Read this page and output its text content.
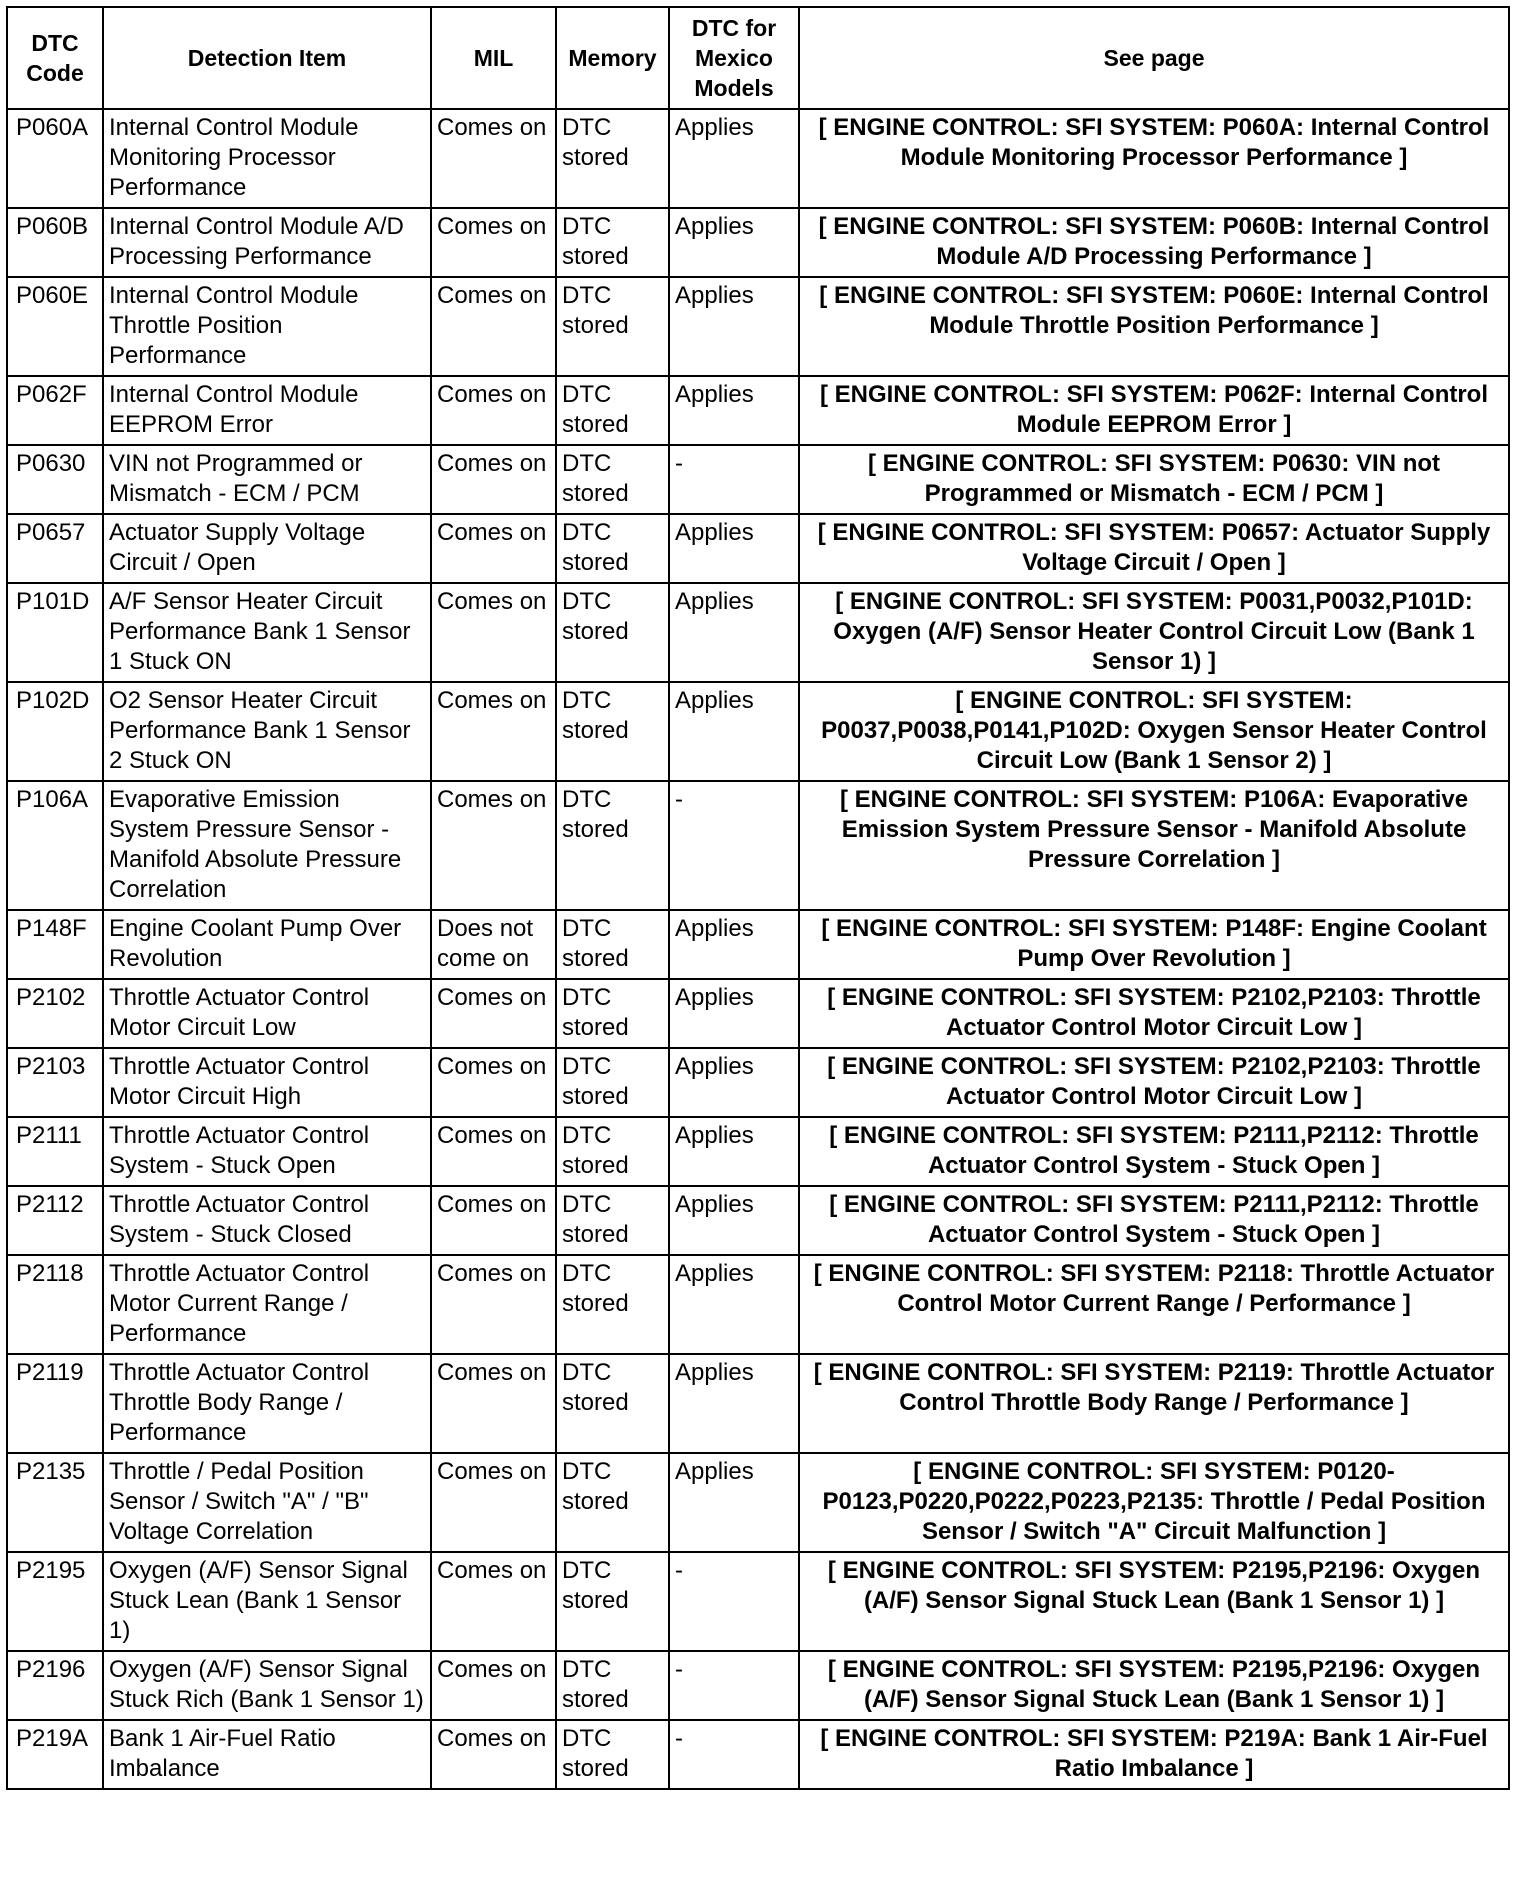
DTC Code	Detection Item	MIL	Memory	DTC for Mexico Models	See page
P060A	Internal Control Module Monitoring Processor Performance	Comes on	DTC stored	Applies	[ ENGINE CONTROL: SFI SYSTEM: P060A: Internal Control Module Monitoring Processor Performance ]
P060B	Internal Control Module A/D Processing Performance	Comes on	DTC stored	Applies	[ ENGINE CONTROL: SFI SYSTEM: P060B: Internal Control Module A/D Processing Performance ]
P060E	Internal Control Module Throttle Position Performance	Comes on	DTC stored	Applies	[ ENGINE CONTROL: SFI SYSTEM: P060E: Internal Control Module Throttle Position Performance ]
P062F	Internal Control Module EEPROM Error	Comes on	DTC stored	Applies	[ ENGINE CONTROL: SFI SYSTEM: P062F: Internal Control Module EEPROM Error ]
P0630	VIN not Programmed or Mismatch - ECM / PCM	Comes on	DTC stored	-	[ ENGINE CONTROL: SFI SYSTEM: P0630: VIN not Programmed or Mismatch - ECM / PCM ]
P0657	Actuator Supply Voltage Circuit / Open	Comes on	DTC stored	Applies	[ ENGINE CONTROL: SFI SYSTEM: P0657: Actuator Supply Voltage Circuit / Open ]
P101D	A/F Sensor Heater Circuit Performance Bank 1 Sensor 1 Stuck ON	Comes on	DTC stored	Applies	[ ENGINE CONTROL: SFI SYSTEM: P0031,P0032,P101D: Oxygen (A/F) Sensor Heater Control Circuit Low (Bank 1 Sensor 1) ]
P102D	O2 Sensor Heater Circuit Performance Bank 1 Sensor 2 Stuck ON	Comes on	DTC stored	Applies	[ ENGINE CONTROL: SFI SYSTEM: P0037,P0038,P0141,P102D: Oxygen Sensor Heater Control Circuit Low (Bank 1 Sensor 2) ]
P106A	Evaporative Emission System Pressure Sensor - Manifold Absolute Pressure Correlation	Comes on	DTC stored	-	[ ENGINE CONTROL: SFI SYSTEM: P106A: Evaporative Emission System Pressure Sensor - Manifold Absolute Pressure Correlation ]
P148F	Engine Coolant Pump Over Revolution	Does not come on	DTC stored	Applies	[ ENGINE CONTROL: SFI SYSTEM: P148F: Engine Coolant Pump Over Revolution ]
P2102	Throttle Actuator Control Motor Circuit Low	Comes on	DTC stored	Applies	[ ENGINE CONTROL: SFI SYSTEM: P2102,P2103: Throttle Actuator Control Motor Circuit Low ]
P2103	Throttle Actuator Control Motor Circuit High	Comes on	DTC stored	Applies	[ ENGINE CONTROL: SFI SYSTEM: P2102,P2103: Throttle Actuator Control Motor Circuit Low ]
P2111	Throttle Actuator Control System - Stuck Open	Comes on	DTC stored	Applies	[ ENGINE CONTROL: SFI SYSTEM: P2111,P2112: Throttle Actuator Control System - Stuck Open ]
P2112	Throttle Actuator Control System - Stuck Closed	Comes on	DTC stored	Applies	[ ENGINE CONTROL: SFI SYSTEM: P2111,P2112: Throttle Actuator Control System - Stuck Open ]
P2118	Throttle Actuator Control Motor Current Range / Performance	Comes on	DTC stored	Applies	[ ENGINE CONTROL: SFI SYSTEM: P2118: Throttle Actuator Control Motor Current Range / Performance ]
P2119	Throttle Actuator Control Throttle Body Range / Performance	Comes on	DTC stored	Applies	[ ENGINE CONTROL: SFI SYSTEM: P2119: Throttle Actuator Control Throttle Body Range / Performance ]
P2135	Throttle / Pedal Position Sensor / Switch "A" / "B" Voltage Correlation	Comes on	DTC stored	Applies	[ ENGINE CONTROL: SFI SYSTEM: P0120-P0123,P0220,P0222,P0223,P2135: Throttle / Pedal Position Sensor / Switch "A" Circuit Malfunction ]
P2195	Oxygen (A/F) Sensor Signal Stuck Lean (Bank 1 Sensor 1)	Comes on	DTC stored	-	[ ENGINE CONTROL: SFI SYSTEM: P2195,P2196: Oxygen (A/F) Sensor Signal Stuck Lean (Bank 1 Sensor 1) ]
P2196	Oxygen (A/F) Sensor Signal Stuck Rich (Bank 1 Sensor 1)	Comes on	DTC stored	-	[ ENGINE CONTROL: SFI SYSTEM: P2195,P2196: Oxygen (A/F) Sensor Signal Stuck Lean (Bank 1 Sensor 1) ]
P219A	Bank 1 Air-Fuel Ratio Imbalance	Comes on	DTC stored	-	[ ENGINE CONTROL: SFI SYSTEM: P219A: Bank 1 Air-Fuel Ratio Imbalance ]
